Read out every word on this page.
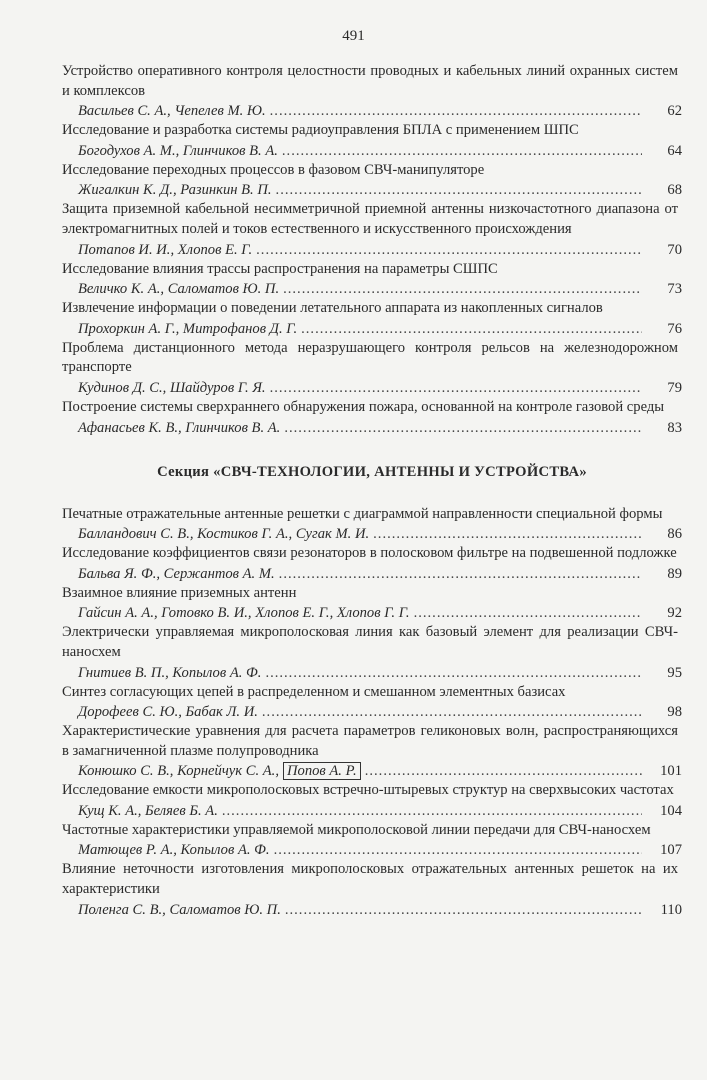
491
Устройство оперативного контроля целостности проводных и кабельных линий охранных систем и комплексов
Васильев С. А., Чепелев М. Ю. .....	62
Исследование и разработка системы радиоуправления БПЛА с применением ШПС
Богодухов А. М., Глинчиков В. А. .....	64
Исследование переходных процессов в фазовом СВЧ-манипуляторе
Жигалкин К. Д., Разинкин В. П. .....	68
Защита приземной кабельной несимметричной приемной антенны низкочастотного диапазона от электромагнитных полей и токов естественного и искусственного происхождения
Потапов И. И., Хлопов Е. Г. .....	70
Исследование влияния трассы распространения на параметры СШПС
Величко К. А., Саломатов Ю. П. .....	73
Извлечение информации о поведении летательного аппарата из накопленных сигналов
Прохоркин А. Г., Митрофанов Д. Г. .....	76
Проблема дистанционного метода неразрушающего контроля рельсов на железнодорожном транспорте
Кудинов Д. С., Шайдуров Г. Я. .....	79
Построение системы сверхраннего обнаружения пожара, основанной на контроле газовой среды
Афанасьев К. В., Глинчиков В. А. .....	83
Секция «СВЧ-ТЕХНОЛОГИИ, АНТЕННЫ И УСТРОЙСТВА»
Печатные отражательные антенные решетки с диаграммой направленности специальной формы
Балландович С. В., Костиков Г. А., Сугак М. И. .....	86
Исследование коэффициентов связи резонаторов в полосковом фильтре на подвешенной подложке
Бальва Я. Ф., Сержантов А. М. .....	89
Взаимное влияние приземных антенн
Гайсин А. А., Готовко В. И., Хлопов Е. Г., Хлопов Г. Г. .....	92
Электрически управляемая микрополосковая линия как базовый элемент для реализации СВЧ-наносхем
Гнитиев В. П., Копылов А. Ф. .....	95
Синтез согласующих цепей в распределенном и смешанном элементных базисах
Дорофеев С. Ю., Бабак Л. И. .....	98
Характеристические уравнения для расчета параметров геликоновых волн, распространяющихся в замагниченной плазме полупроводника
Конюшко С. В., Корнейчук С. А., Попов А. Р. .....	101
Исследование емкости микрополосковых встречно-штыревых структур на сверхвысоких частотах
Кущ К. А., Беляев Б. А. .....	104
Частотные характеристики управляемой микрополосковой линии передачи для СВЧ-наносхем
Матющев Р. А., Копылов А. Ф. .....	107
Влияние неточности изготовления микрополосковых отражательных антенных решеток на их характеристики
Поленга С. В., Саломатов Ю. П. .....	110
